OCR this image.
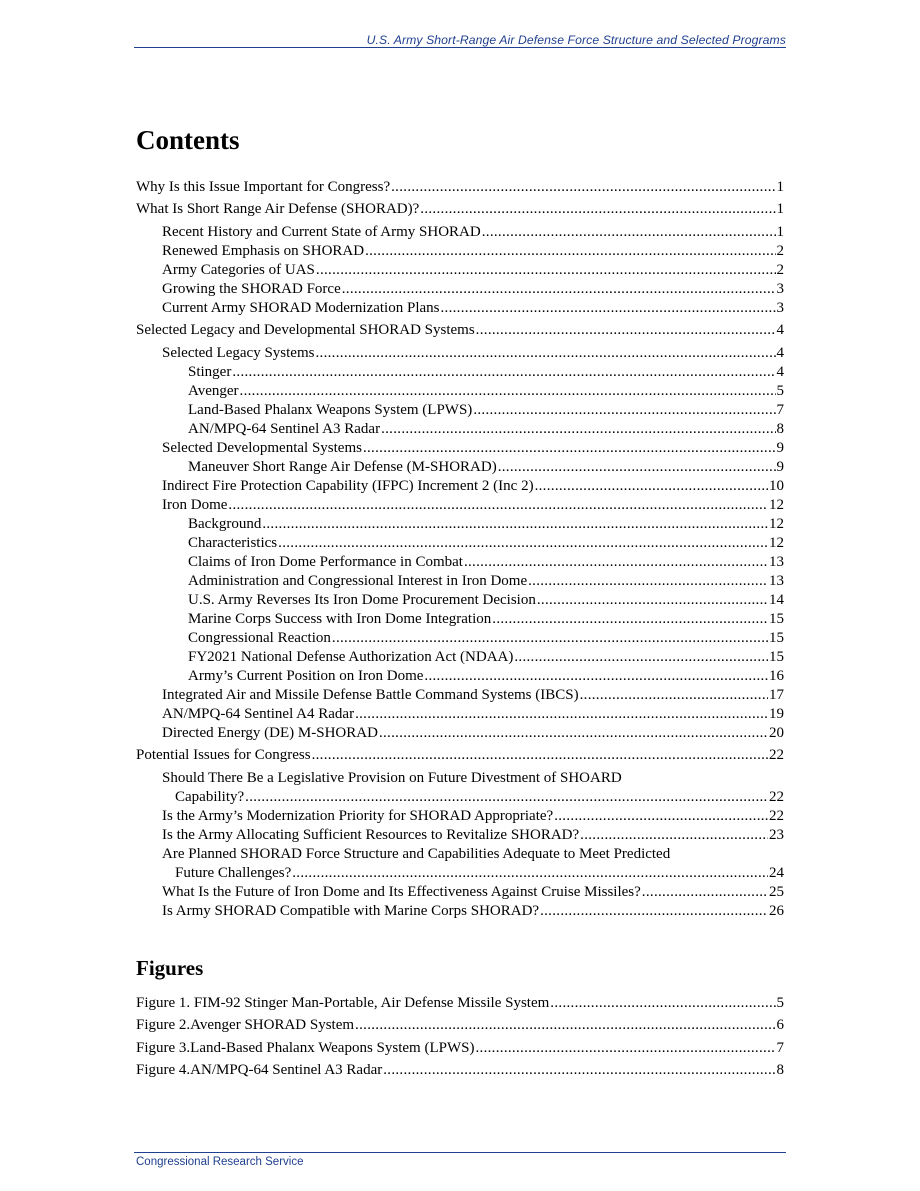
U.S. Army Short-Range Air Defense Force Structure and Selected Programs
Contents
Why Is this Issue Important for Congress? .....	1
What Is Short Range Air Defense (SHORAD)? .....	1
Recent History and Current State of Army SHORAD .....	1
Renewed Emphasis on SHORAD .....	2
Army Categories of UAS .....	2
Growing the SHORAD Force .....	3
Current Army SHORAD Modernization Plans .....	3
Selected Legacy and Developmental SHORAD Systems .....	4
Selected Legacy Systems .....	4
Stinger .....	4
Avenger .....	5
Land-Based Phalanx Weapons System (LPWS) .....	7
AN/MPQ-64 Sentinel A3 Radar .....	8
Selected Developmental Systems .....	9
Maneuver Short Range Air Defense (M-SHORAD) .....	9
Indirect Fire Protection Capability (IFPC) Increment 2 (Inc 2) .....	10
Iron Dome .....	12
Background .....	12
Characteristics .....	12
Claims of Iron Dome Performance in Combat .....	13
Administration and Congressional Interest in Iron Dome .....	13
U.S. Army Reverses Its Iron Dome Procurement Decision .....	14
Marine Corps Success with Iron Dome Integration .....	15
Congressional Reaction .....	15
FY2021 National Defense Authorization Act (NDAA) .....	15
Army’s Current Position on Iron Dome .....	16
Integrated Air and Missile Defense Battle Command Systems (IBCS) .....	17
AN/MPQ-64 Sentinel A4 Radar .....	19
Directed Energy (DE) M-SHORAD .....	20
Potential Issues for Congress .....	22
Should There Be a Legislative Provision on Future Divestment of SHOARD
Capability? .....	22
Is the Army’s Modernization Priority for SHORAD Appropriate? .....	22
Is the Army Allocating Sufficient Resources to Revitalize SHORAD? .....	23
Are Planned SHORAD Force Structure and Capabilities Adequate to Meet Predicted
Future Challenges? .....	24
What Is the Future of Iron Dome and Its Effectiveness Against Cruise Missiles? .....	25
Is Army SHORAD Compatible with Marine Corps SHORAD? .....	26
Figures
Figure 1. FIM-92 Stinger Man-Portable, Air Defense Missile System .....	5
Figure 2.Avenger SHORAD System .....	6
Figure 3.Land-Based Phalanx Weapons System (LPWS) .....	7
Figure 4.AN/MPQ-64 Sentinel A3 Radar .....	8
Congressional Research Service
